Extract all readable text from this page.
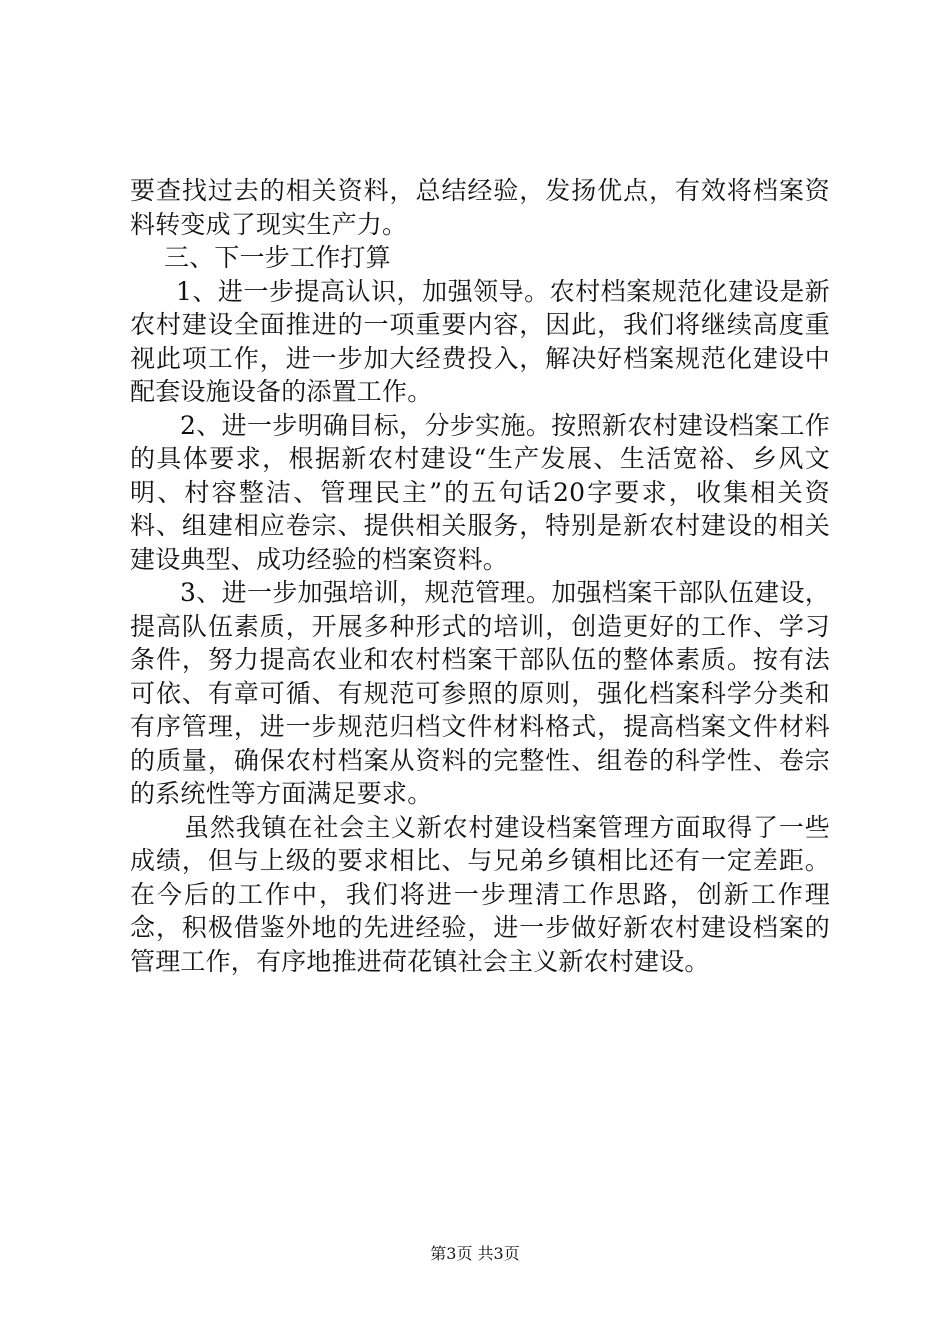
要查找过去的相关资料，总结经验，发扬优点，有效将档案资料转变成了现实生产力。

三、下一步工作打算

1、进一步提高认识，加强领导。农村档案规范化建设是新农村建设全面推进的一项重要内容，因此，我们将继续高度重视此项工作，进一步加大经费投入，解决好档案规范化建设中配套设施设备的添置工作。

2、进一步明确目标，分步实施。按照新农村建设档案工作的具体要求，根据新农村建设“生产发展、生活宽裕、乡风文明、村容整洁、管理民主”的五句话20字要求，收集相关资料、组建相应卷宗、提供相关服务，特别是新农村建设的相关建设典型、成功经验的档案资料。

3、进一步加强培训，规范管理。加强档案干部队伍建设，提高队伍素质，开展多种形式的培训，创造更好的工作、学习条件，努力提高农业和农村档案干部队伍的整体素质。按有法可依、有章可循、有规范可参照的原则，强化档案科学分类和有序管理，进一步规范归档文件材料格式，提高档案文件材料的质量，确保农村档案从资料的完整性、组卷的科学性、卷宗的系统性等方面满足要求。

虽然我镇在社会主义新农村建设档案管理方面取得了一些成绩，但与上级的要求相比、与兄弟乡镇相比还有一定差距。在今后的工作中，我们将进一步理清工作思路，创新工作理念，积极借鉴外地的先进经验，进一步做好新农村建设档案的管理工作，有序地推进荷花镇社会主义新农村建设。

第3页 共3页
